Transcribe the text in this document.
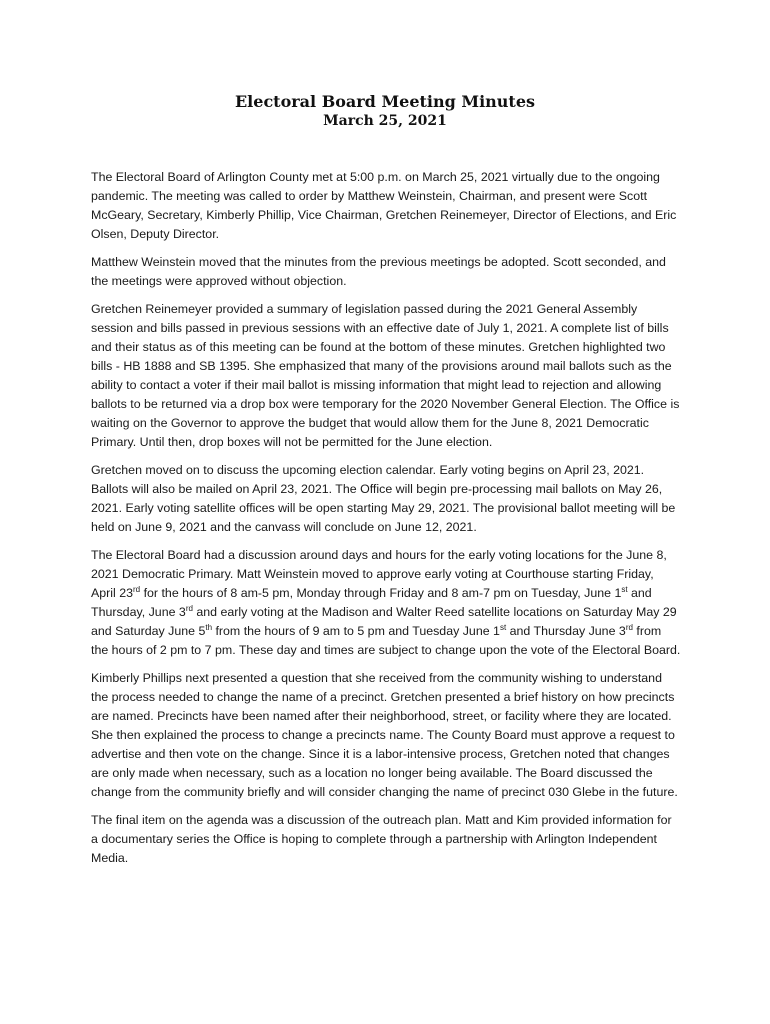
Electoral Board Meeting Minutes
March 25, 2021

The Electoral Board of Arlington County met at 5:00 p.m. on March 25, 2021 virtually due to the ongoing pandemic. The meeting was called to order by Matthew Weinstein, Chairman, and present were Scott McGeary, Secretary, Kimberly Phillip, Vice Chairman, Gretchen Reinemeyer, Director of Elections, and Eric Olsen, Deputy Director.

Matthew Weinstein moved that the minutes from the previous meetings be adopted. Scott seconded, and the meetings were approved without objection.

Gretchen Reinemeyer provided a summary of legislation passed during the 2021 General Assembly session and bills passed in previous sessions with an effective date of July 1, 2021. A complete list of bills and their status as of this meeting can be found at the bottom of these minutes. Gretchen highlighted two bills - HB 1888 and SB 1395. She emphasized that many of the provisions around mail ballots such as the ability to contact a voter if their mail ballot is missing information that might lead to rejection and allowing ballots to be returned via a drop box were temporary for the 2020 November General Election. The Office is waiting on the Governor to approve the budget that would allow them for the June 8, 2021 Democratic Primary. Until then, drop boxes will not be permitted for the June election.

Gretchen moved on to discuss the upcoming election calendar. Early voting begins on April 23, 2021. Ballots will also be mailed on April 23, 2021. The Office will begin pre-processing mail ballots on May 26, 2021. Early voting satellite offices will be open starting May 29, 2021. The provisional ballot meeting will be held on June 9, 2021 and the canvass will conclude on June 12, 2021.

The Electoral Board had a discussion around days and hours for the early voting locations for the June 8, 2021 Democratic Primary. Matt Weinstein moved to approve early voting at Courthouse starting Friday, April 23rd for the hours of 8 am-5 pm, Monday through Friday and 8 am-7 pm on Tuesday, June 1st and Thursday, June 3rd and early voting at the Madison and Walter Reed satellite locations on Saturday May 29 and Saturday June 5th from the hours of 9 am to 5 pm and Tuesday June 1st and Thursday June 3rd from the hours of 2 pm to 7 pm. These day and times are subject to change upon the vote of the Electoral Board.

Kimberly Phillips next presented a question that she received from the community wishing to understand the process needed to change the name of a precinct. Gretchen presented a brief history on how precincts are named. Precincts have been named after their neighborhood, street, or facility where they are located. She then explained the process to change a precincts name. The County Board must approve a request to advertise and then vote on the change. Since it is a labor-intensive process, Gretchen noted that changes are only made when necessary, such as a location no longer being available. The Board discussed the change from the community briefly and will consider changing the name of precinct 030 Glebe in the future.

The final item on the agenda was a discussion of the outreach plan. Matt and Kim provided information for a documentary series the Office is hoping to complete through a partnership with Arlington Independent Media.
